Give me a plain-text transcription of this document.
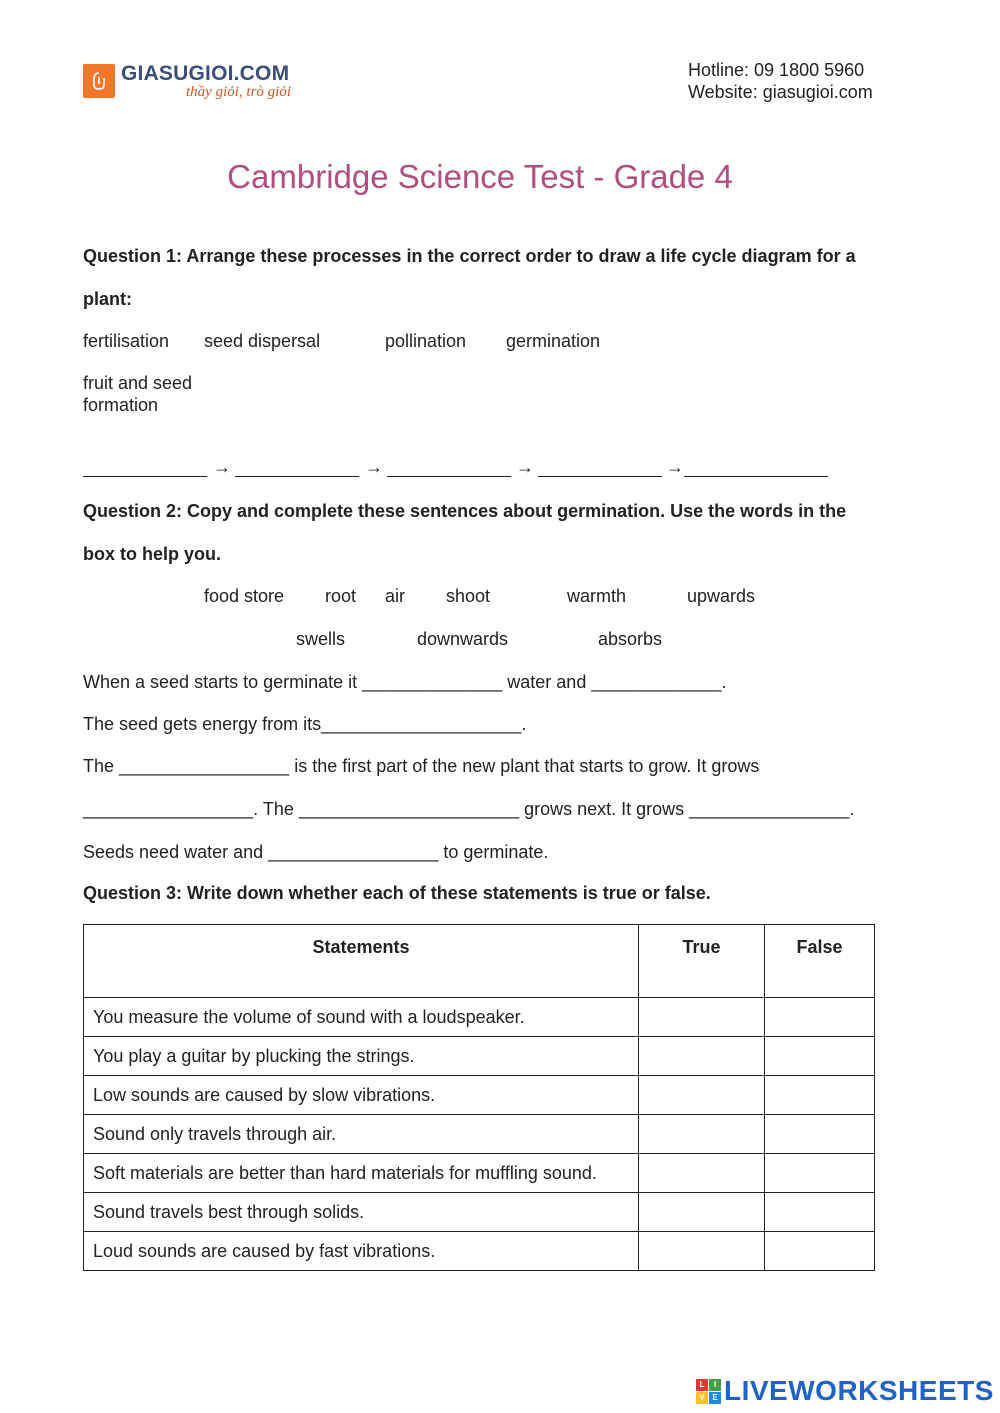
GIASUGIOI.COM
thầy giỏi, trò giỏi
Hotline: 09 1800 5960
Website: giasugioi.com
Cambridge Science Test - Grade 4
Question 1: Arrange these processes in the correct order to draw a life cycle diagram for a
plant:
fertilisation seed dispersal	pollination germination
fruit and seed
formation
→	→	→	→
Question 2: Copy and complete these sentences about germination. Use the words in the
box to help you.
food store root air shoot	warmth	upwards
swells	downwards	absorbs
When a seed starts to germinate it ______________ water and _____________.
The seed gets energy from its____________________.
The _________________ is the first part of the new plant that starts to grow. It grows
_________________. The ______________________ grows next. It grows ________________.
Seeds need water and _________________ to germinate.
Question 3: Write down whether each of these statements is true or false.
Statements	True	False
You measure the volume of sound with a loudspeaker.		
You play a guitar by plucking the strings.		
Low sounds are caused by slow vibrations.		
Sound only travels through air.		
Soft materials are better than hard materials for muffling sound.		
Sound travels best through solids.		
Loud sounds are caused by fast vibrations.		
L	I
V E LIVEWORKSHEETS
